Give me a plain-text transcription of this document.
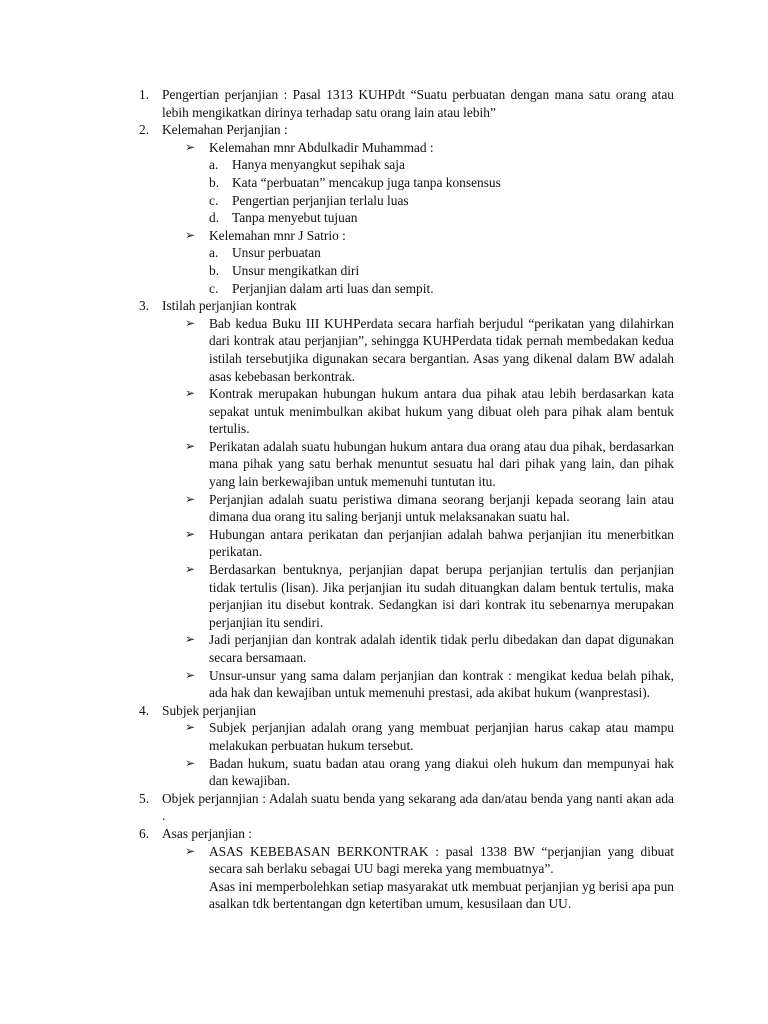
1. Pengertian perjanjian : Pasal 1313 KUHPdt “Suatu perbuatan dengan mana satu orang atau lebih mengikatkan dirinya terhadap satu orang lain atau lebih”
2. Kelemahan Perjanjian :
➢ Kelemahan mnr Abdulkadir Muhammad :
a. Hanya menyangkut sepihak saja
b. Kata “perbuatan” mencakup juga tanpa konsensus
c. Pengertian perjanjian terlalu luas
d. Tanpa menyebut tujuan
➢ Kelemahan mnr J Satrio :
a. Unsur perbuatan
b. Unsur mengikatkan diri
c. Perjanjian dalam arti luas dan sempit.
3. Istilah perjanjian kontrak
➢ Bab kedua Buku III KUHPerdata secara harfiah berjudul “perikatan yang dilahirkan dari kontrak atau perjanjian”, sehingga KUHPerdata tidak pernah membedakan kedua istilah tersebutjika digunakan secara bergantian. Asas yang dikenal dalam BW adalah asas kebebasan berkontrak.
➢ Kontrak merupakan hubungan hukum antara dua pihak atau lebih berdasarkan kata sepakat untuk menimbulkan akibat hukum yang dibuat oleh para pihak alam bentuk tertulis.
➢ Perikatan adalah suatu hubungan hukum antara dua orang atau dua pihak, berdasarkan mana pihak yang satu berhak menuntut sesuatu hal dari pihak yang lain, dan pihak yang lain berkewajiban untuk memenuhi tuntutan itu.
➢ Perjanjian adalah suatu peristiwa dimana seorang berjanji kepada seorang lain atau dimana dua orang itu saling berjanji untuk melaksanakan suatu hal.
➢ Hubungan antara perikatan dan perjanjian adalah bahwa perjanjian itu menerbitkan perikatan.
➢ Berdasarkan bentuknya, perjanjian dapat berupa perjanjian tertulis dan perjanjian tidak tertulis (lisan). Jika perjanjian itu sudah dituangkan dalam bentuk tertulis, maka perjanjian itu disebut kontrak. Sedangkan isi dari kontrak itu sebenarnya merupakan perjanjian itu sendiri.
➢ Jadi perjanjian dan kontrak adalah identik tidak perlu dibedakan dan dapat digunakan secara bersamaan.
➢ Unsur-unsur yang sama dalam perjanjian dan kontrak : mengikat kedua belah pihak, ada hak dan kewajiban untuk memenuhi prestasi, ada akibat hukum (wanprestasi).
4. Subjek perjanjian
➢ Subjek perjanjian adalah orang yang membuat perjanjian harus cakap atau mampu melakukan perbuatan hukum tersebut.
➢ Badan hukum, suatu badan atau orang yang diakui oleh hukum dan mempunyai hak dan kewajiban.
5. Objek perjannjian : Adalah suatu benda yang sekarang ada dan/atau benda yang nanti akan ada .
6. Asas perjanjian :
➢ ASAS KEBEBASAN BERKONTRAK : pasal 1338 BW “perjanjian yang dibuat secara sah berlaku sebagai UU bagi mereka yang membuatnya”.
Asas ini memperbolehkan setiap masyarakat utk membuat perjanjian yg berisi apa pun asalkan tdk bertentangan dgn ketertiban umum, kesusilaan dan UU.
